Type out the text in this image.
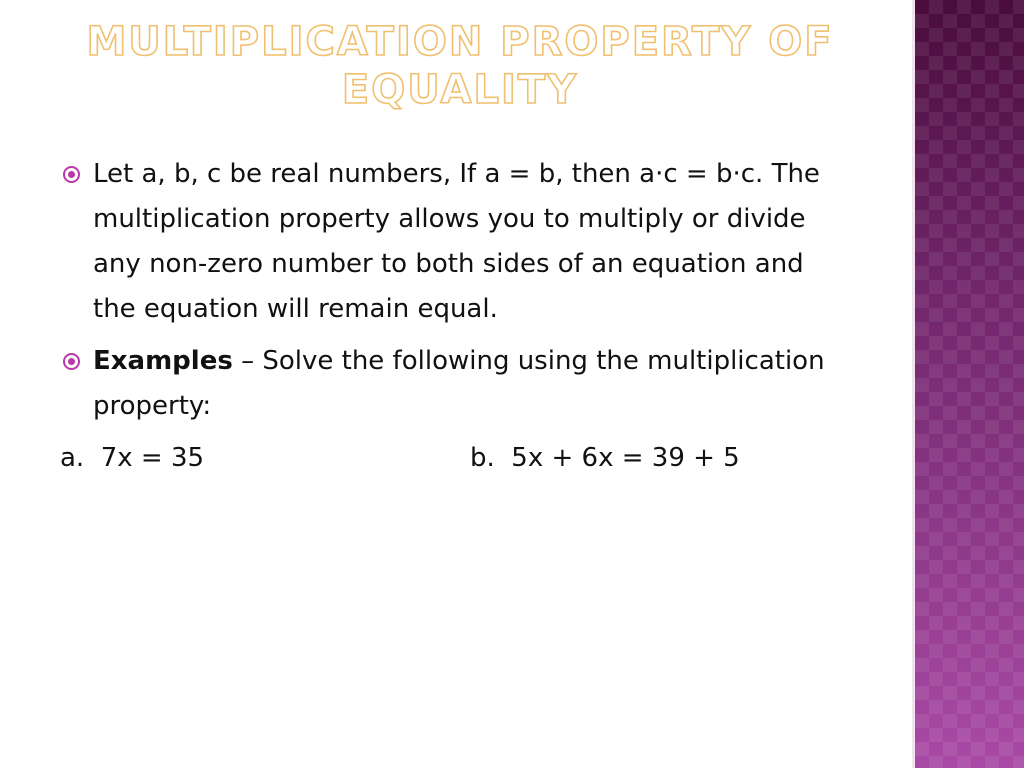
MULTIPLICATION PROPERTY OF
EQUALITY
Let a, b, c be real numbers, If a = b, then a·c = b·c. The multiplication property allows you to multiply or divide any non-zero number to both sides of an equation and the equation will remain equal.
Examples – Solve the following using the multiplication property:
a.  7x = 35	b.  5x + 6x = 39 + 5
